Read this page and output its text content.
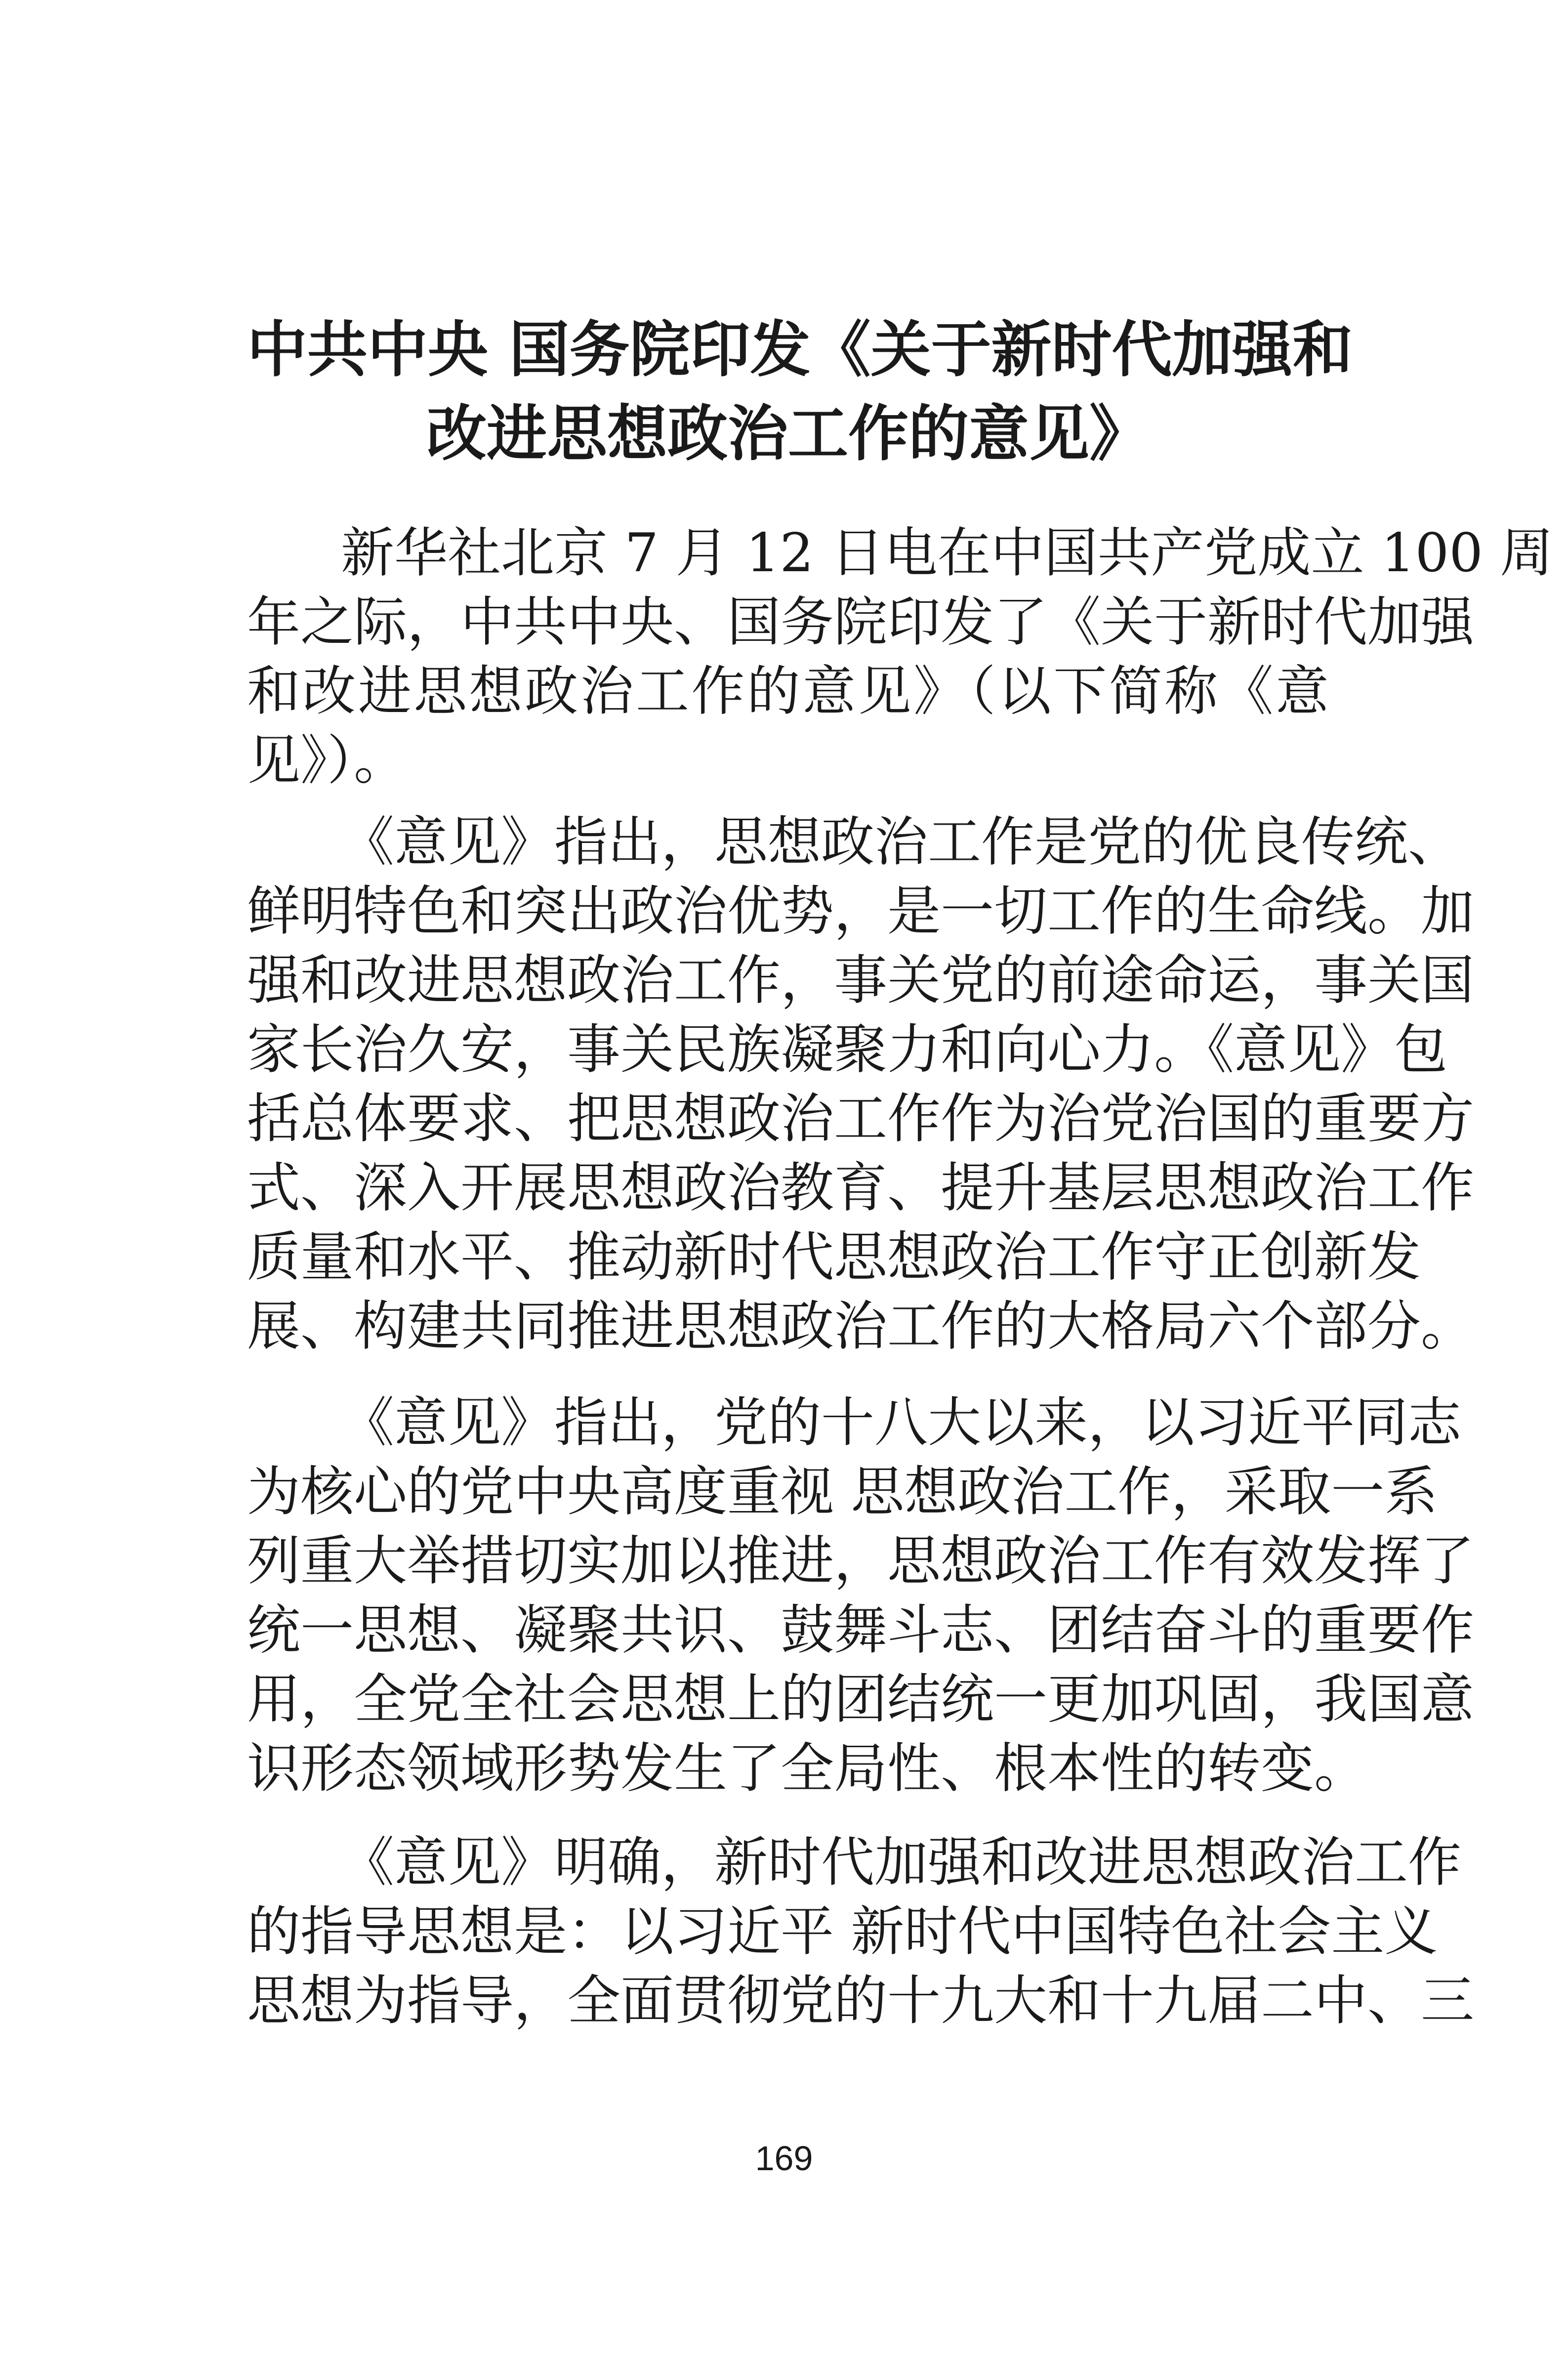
中共中央 国务院印发《关于新时代加强和
改进思想政治工作的意见》
新华社北京 7 月 12 日电在中国共产党成立 100 周
年之际，中共中央、国务院印发了《关于新时代加强
和改进思想政治工作的意见》（以下简称《意
见》）。
《意见》指出，思想政治工作是党的优良传统、
鲜明特色和突出政治优势，是一切工作的生命线。加
强和改进思想政治工作，事关党的前途命运，事关国
家长治久安，事关民族凝聚力和向心力。《意见》包
括总体要求、把思想政治工作作为治党治国的重要方
式、深入开展思想政治教育、提升基层思想政治工作
质量和水平、推动新时代思想政治工作守正创新发
展、构建共同推进思想政治工作的大格局六个部分。
《意见》指出，党的十八大以来，以习近平同志
为核心的党中央高度重视 思想政治工作，采取一系
列重大举措切实加以推进，思想政治工作有效发挥了
统一思想、凝聚共识、鼓舞斗志、团结奋斗的重要作
用，全党全社会思想上的团结统一更加巩固，我国意
识形态领域形势发生了全局性、根本性的转变。
《意见》明确，新时代加强和改进思想政治工作
的指导思想是：以习近平 新时代中国特色社会主义
思想为指导，全面贯彻党的十九大和十九届二中、三
169
